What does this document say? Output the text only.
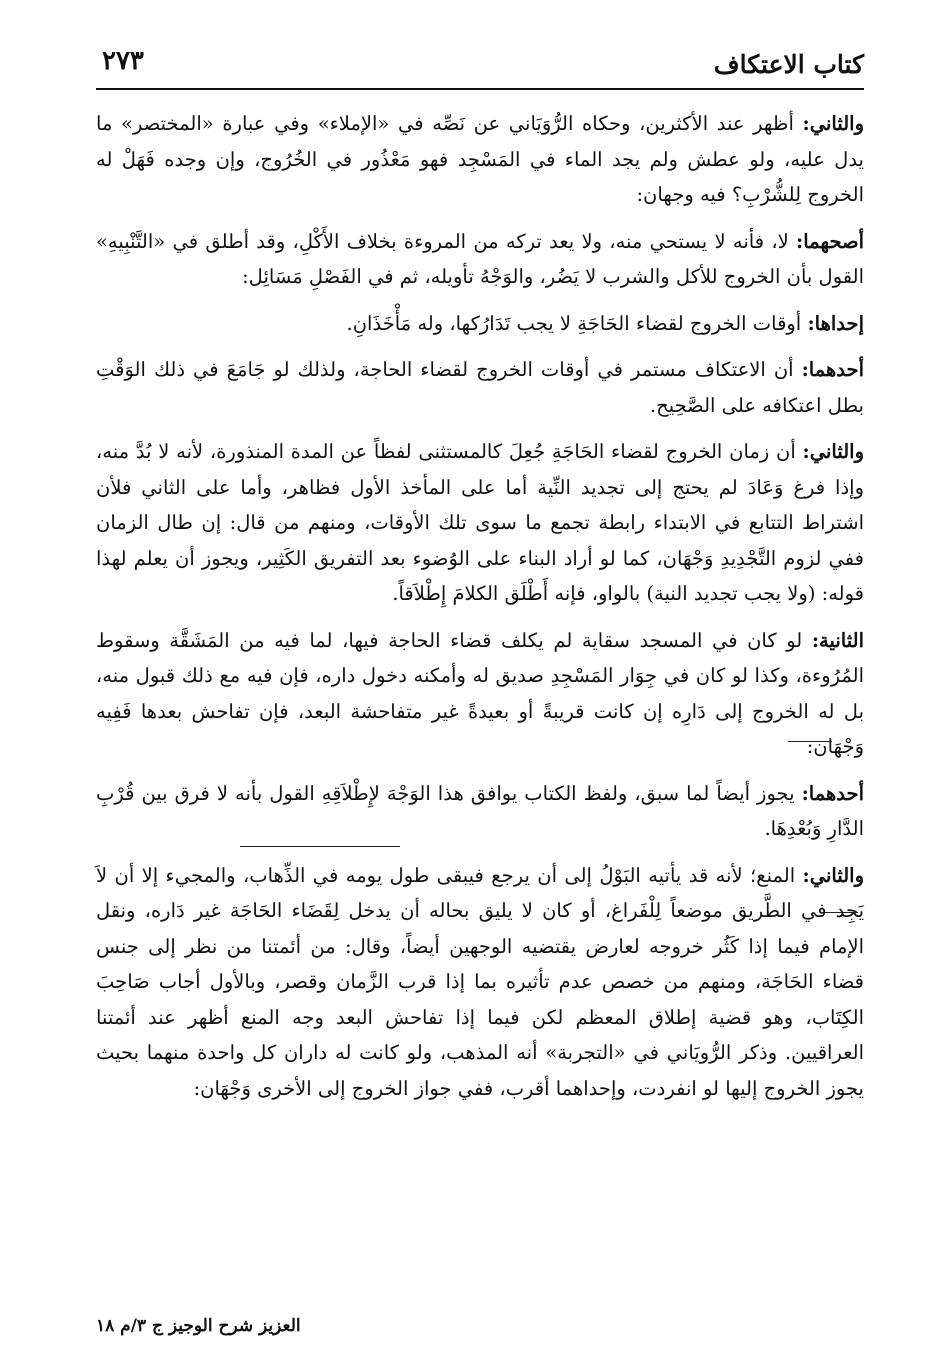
كتاب الاعتكاف
٢٧٣

والثاني: أظهر عند الأكثرين، وحكاه الرُّوَيَاني عن نَصِّه في «الإملاء» وفي عبارة «المختصر» ما يدل عليه، ولو عطش ولم يجد الماء في المَسْجِد فهو مَعْذُور في الخُرُوج، وإن وجده فَهَلْ له الخروج لِلشُّرْبِ؟ فيه وجهان:

أصحهما: لا، فأنه لا يستحي منه، ولا يعد تركه من المروءة بخلاف الأَكْلِ، وقد أطلق في «التَّنْبِيهِ» القول بأن الخروج للأكل والشرب لا يَضُر، والوَجْهُ تأويله، ثم في الفَصْلِ مَسَائِل:

إحداها: أوقات الخروج لقضاء الحَاجَةِ لا يجب تَدَارُكها، وله مَأْخَذَانِ.

أحدهما: أن الاعتكاف مستمر في أوقات الخروج لقضاء الحاجة، ولذلك لو جَامَعَ في ذلك الوَقْتِ بطل اعتكافه على الصَّحِيح.

والثاني: أن زمان الخروج لقضاء الحَاجَةِ جُعِلَ كالمستثنى لفظاً عن المدة المنذورة، لأنه لا بُدَّ منه، وإذا فرغ وَعَادَ لم يحتج إلى تجديد النِّية أما على المأخذ الأول فظاهر، وأما على الثاني فلأن اشتراط التتابع في الابتداء رابطة تجمع ما سوى تلك الأوقات، ومنهم من قال: إن طال الزمان ففي لزوم التَّجْدِيدِ وَجْهَان، كما لو أراد البناء على الوُضوء بعد التفريق الكَثِير، ويجوز أن يعلم لهذا قوله: (ولا يجب تجديد النية) بالواو، فإنه أَطْلَق الكلامَ إِطْلاَقاً.

الثانية: لو كان في المسجد سقاية لم يكلف قضاء الحاجة فيها، لما فيه من المَشَقَّة وسقوط المُرُوءة، وكذا لو كان في جِوَار المَسْجِدِ صديق له وأمكنه دخول داره، فإن فيه مع ذلك قبول منه، بل له الخروج إلى دَارِه إن كانت قريبةً أو بعيدةً غير متفاحشة البعد، فإن تفاحش بعدها فَفِيه وَجْهَان:

أحدهما: يجوز أيضاً لما سبق، ولفظ الكتاب يوافق هذا الوَجْهَ لإِطْلاَقِهِ القول بأنه لا فرق بين قُرْبِ الدَّارِ وَبُعْدِهَا.

والثاني: المنع؛ لأنه قد يأتيه البَوْلُ إلى أن يرجع فيبقى طول يومه في الذِّهاب، والمجيء إلا أن لاَ يَجِد في الطَّريق موضعاً لِلْفَراغ، أو كان لا يليق بحاله أن يدخل لِقَضَاء الحَاجَة غير دَاره، ونقل الإمام فيما إذا كَثُر خروجه لعارض يقتضيه الوجهين أيضاً، وقال: من أئمتنا من نظر إلى جنس قضاء الحَاجَة، ومنهم من خصص عدم تأثيره بما إذا قرب الزَّمان وقصر، وبالأول أجاب صَاحِبَ الكِتَاب، وهو قضية إطلاق المعظم لكن فيما إذا تفاحش البعد وجه المنع أظهر عند أئمتنا العراقيين. وذكر الرُّويَاني في «التجربة» أنه المذهب، ولو كانت له داران كل واحدة منهما بحيث يجوز الخروج إليها لو انفردت، وإحداهما أقرب، ففي جواز الخروج إلى الأخرى وَجْهَان:

العزيز شرح الوجيز ج ٣/م ١٨
